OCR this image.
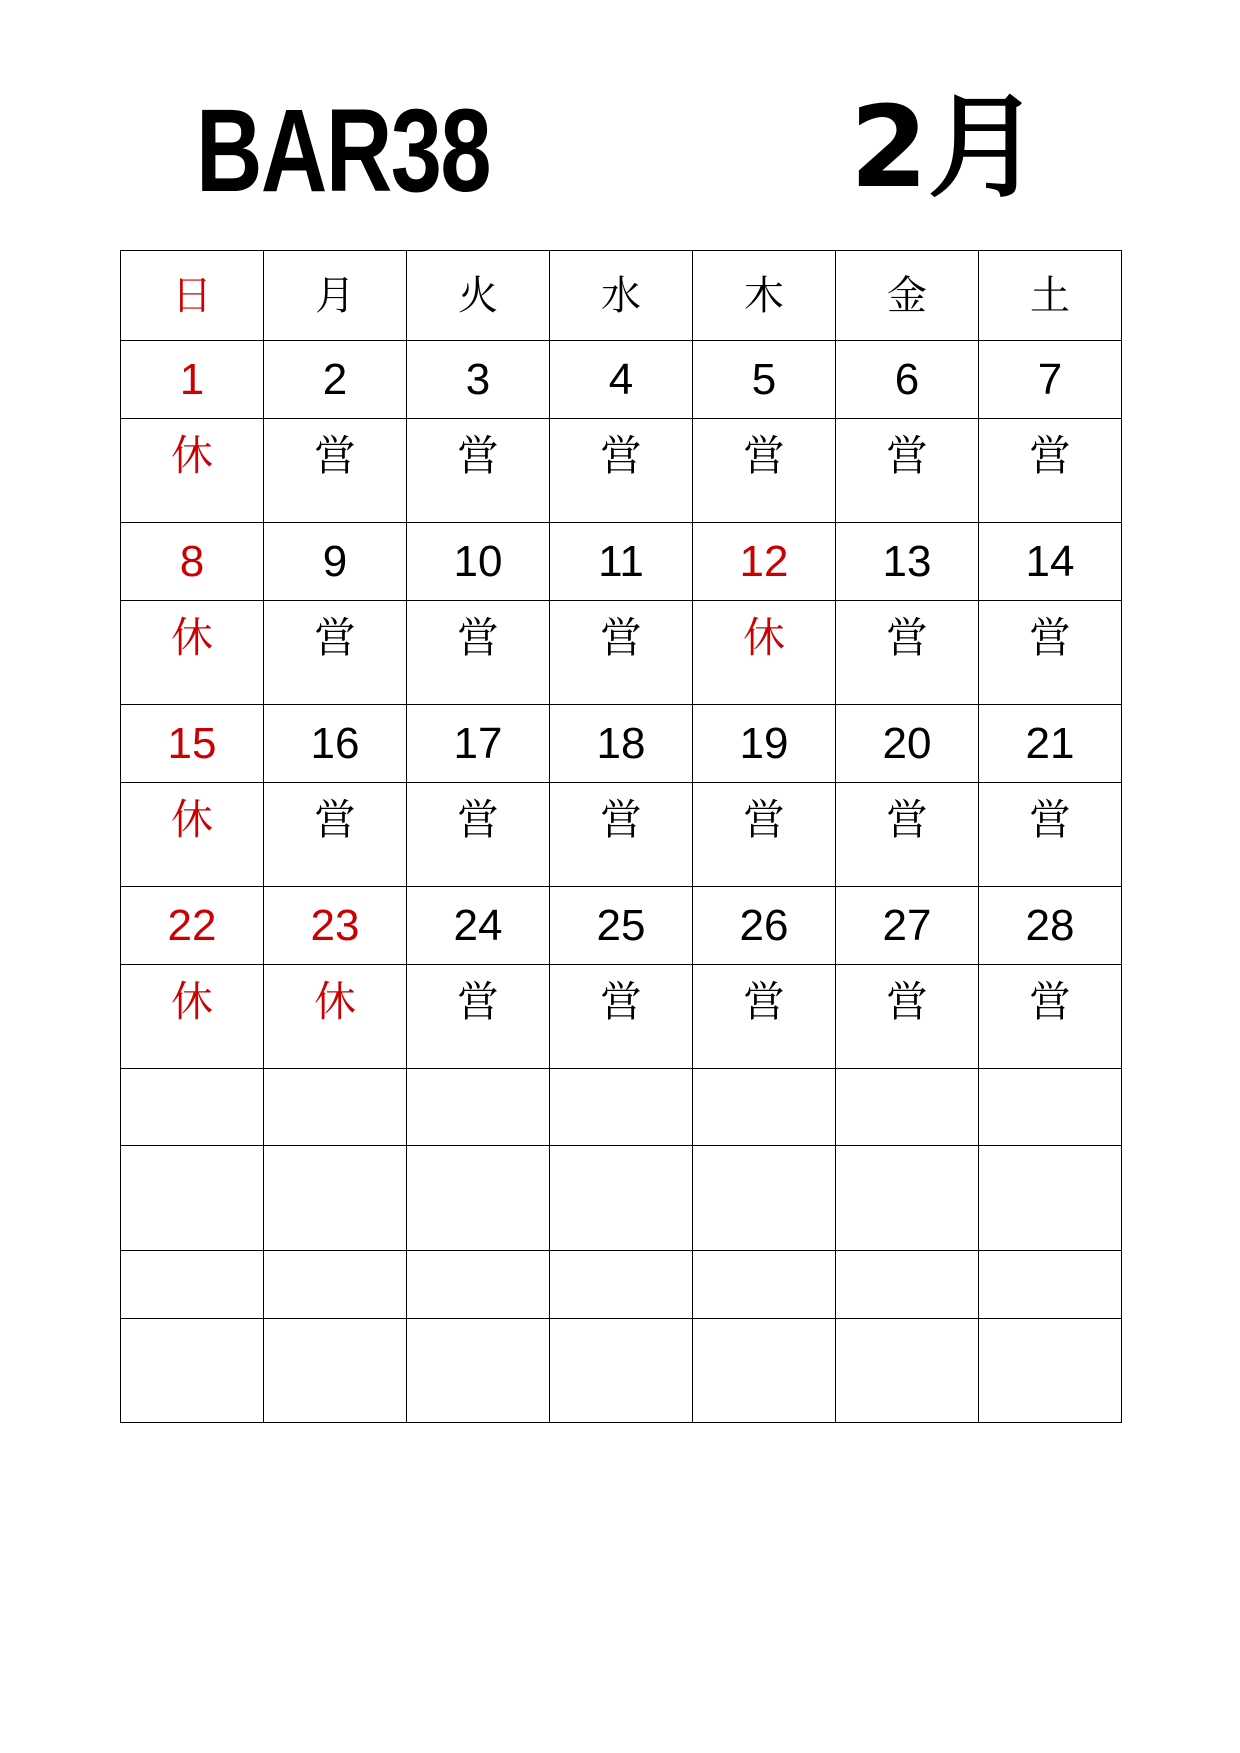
BAR38	2月
日	月	火	水	木	金	土
1	2	3	4	5	6	7
休	営	営	営	営	営	営
8	9	10	11	12	13	14
休	営	営	営	休	営	営
15	16	17	18	19	20	21
休	営	営	営	営	営	営
22	23	24	25	26	27	28
休	休	営	営	営	営	営
